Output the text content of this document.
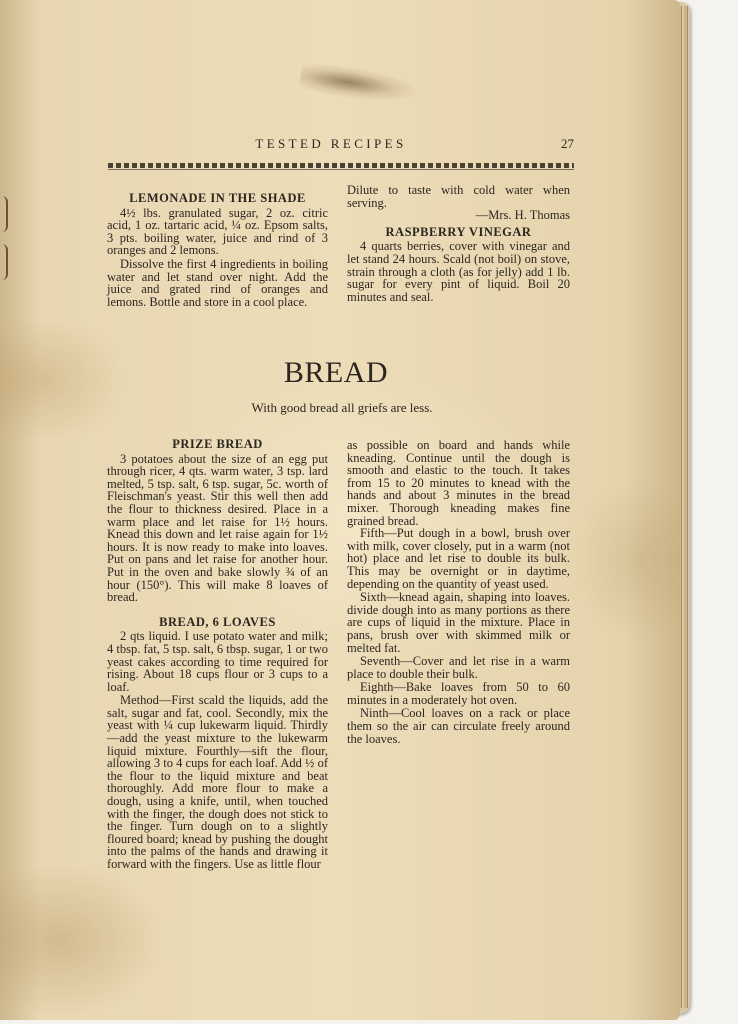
TESTED RECIPES	27
LEMONADE IN THE SHADE

4½ lbs. granulated sugar, 2 oz. citric acid, 1 oz. tartaric acid, ¼ oz. Epsom salts, 3 pts. boiling water, juice and rind of 3 oranges and 2 lemons.

Dissolve the first 4 ingredients in boiling water and let stand over night. Add the juice and grated rind of oranges and lemons. Bottle and store in a cool place.

Dilute to taste with cold water when serving.

—Mrs. H. Thomas
RASPBERRY VINEGAR

4 quarts berries, cover with vinegar and let stand 24 hours. Scald (not boil) on stove, strain through a cloth (as for jelly) add 1 lb. sugar for every pint of liquid. Boil 20 minutes and seal.

BREAD
With good bread all griefs are less.
PRIZE BREAD

3 potatoes about the size of an egg put through ricer, 4 qts. warm water, 3 tsp. lard melted, 5 tsp. salt, 6 tsp. sugar, 5c. worth of Fleischman's yeast. Stir this well then add the flour to thickness desired. Place in a warm place and let raise for 1½ hours. Knead this down and let raise again for 1½ hours. It is now ready to make into loaves. Put on pans and let raise for another hour. Put in the oven and bake slowly ¾ of an hour (150°). This will make 8 loaves of bread.

BREAD, 6 LOAVES

2 qts liquid. I use potato water and milk; 4 tbsp. fat, 5 tsp. salt, 6 tbsp. sugar, 1 or two yeast cakes according to time required for rising. About 18 cups flour or 3 cups to a loaf.

Method—First scald the liquids, add the salt, sugar and fat, cool. Secondly, mix the yeast with ¼ cup lukewarm liquid. Thirdly—add the yeast mixture to the lukewarm liquid mixture. Fourthly—sift the flour, allowing 3 to 4 cups for each loaf. Add ½ of the flour to the liquid mixture and beat thoroughly. Add more flour to make a dough, using a knife, until, when touched with the finger, the dough does not stick to the finger. Turn dough on to a slightly floured board; knead by pushing the dought into the palms of the hands and drawing it forward with the fingers. Use as little flour

as possible on board and hands while kneading. Continue until the dough is smooth and elastic to the touch. It takes from 15 to 20 minutes to knead with the hands and about 3 minutes in the bread mixer. Thorough kneading makes fine grained bread.

Fifth—Put dough in a bowl, brush over with milk, cover closely, put in a warm (not hot) place and let rise to double its bulk. This may be overnight or in daytime, depending on the quantity of yeast used.

Sixth—knead again, shaping into loaves. divide dough into as many portions as there are cups of liquid in the mixture. Place in pans, brush over with skimmed milk or melted fat.

Seventh—Cover and let rise in a warm place to double their bulk.

Eighth—Bake loaves from 50 to 60 minutes in a moderately hot oven.

Ninth—Cool loaves on a rack or place them so the air can circulate freely around the loaves.
